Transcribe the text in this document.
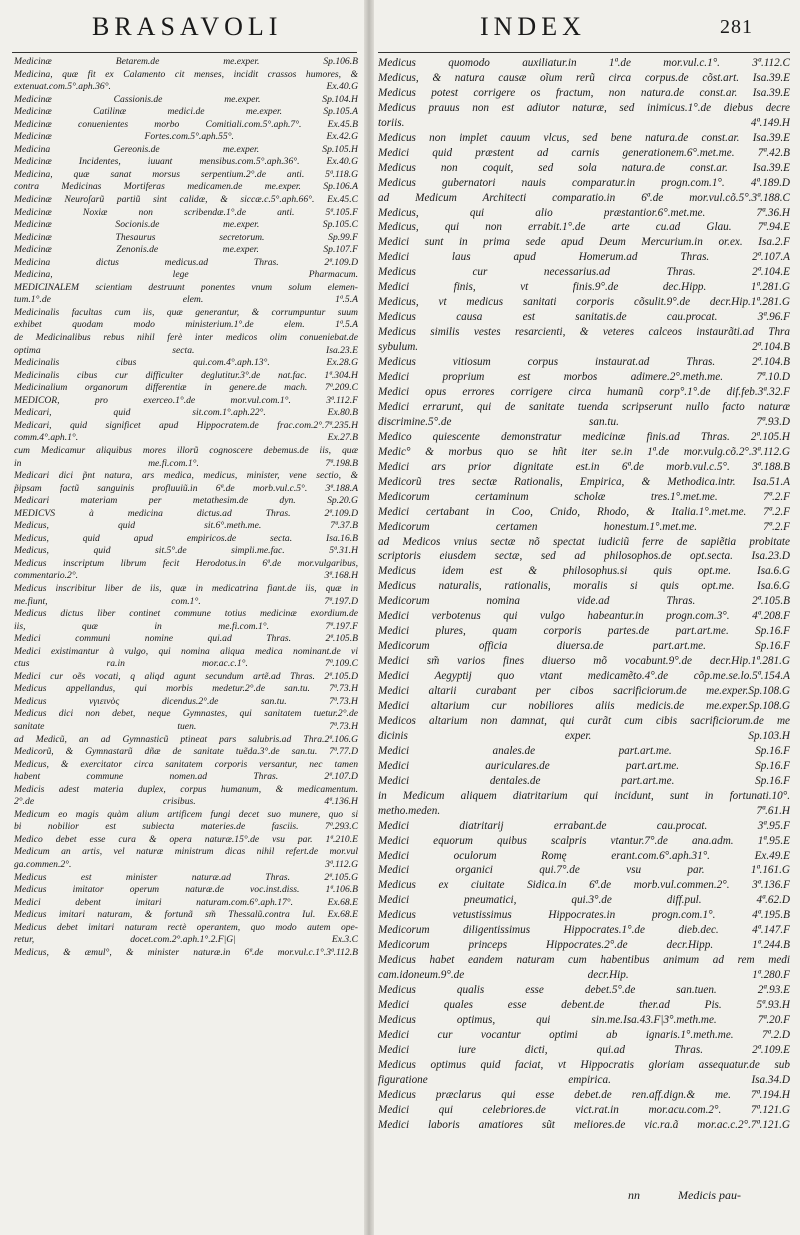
BRASAVOLI	INDEX	281
Medicinæ Betarem.de me.exper. Sp.106.B
Medicina, quæ fit ex Calamento cit menses, incidit crassos humores, &
extenuat.com.5°.aph.36°. Ex.40.G
Medicinæ Cassionis.de me.exper. Sp.104.H
Medicinæ Catilinæ medici.de me.exper. Sp.105.A
Medicinæ conuenientes morbo Comitiali.com.5°.aph.7°. Ex.45.B
Medicinæ Fortes.com.5°.aph.55°. Ex.42.G
Medicina Gereonis.de me.exper. Sp.105.H
Medicinæ Incidentes, iuuant mensibus.com.5°.aph.36°. Ex.40.G
Medicina, quæ sanat morsus serpentium.2°.de anti. 5ª.118.G
contra Medicinas Mortiferas medicamen.de me.exper. Sp.106.A
Medicinæ Neuroſarũ partiũ sint calidæ, & siccæ.c.5°.aph.66°. Ex.45.C
Medicinæ Noxiæ non scribendæ.1°.de anti. 5ª.105.F
Medicinæ Socionis.de me.exper. Sp.105.C
Medicinæ Thesaurus secretorum. Sp.99.F
Medicinæ Zenonis.de me.exper. Sp.107.F
Medicina dictus medicus.ad Thras. 2ª.109.D
Medicina, lege Pharmacum.
MEDICINALEM scientiam destruunt ponentes vnum solum elemen-
tum.1°.de elem. 1ª.5.A
Medicinalis facultas cum iis, quæ generantur, & corrumpuntur suum
exhibet quodam modo ministerium.1°.de elem. 1ª.5.A
de Medicinalibus rebus nihil ferè inter medicos olim conueniebat.de
optima secta. Isa.23.E
Medicinalis cibus qui.com.4°.aph.13°. Ex.28.G
Medicinalis cibus cur difficulter deglutitur.3°.de nat.fac. 1ª.304.H
Medicinalium organorum differentiæ in genere.de mach. 7ª.209.C
MEDICOR, pro exerceo.1°.de mor.vul.com.1°. 3ª.112.F
Medicari, quid sit.com.1°.aph.22°. Ex.80.B
Medicari, quid significet apud Hippocratem.de frac.com.2°.7ª.235.H
comm.4°.aph.1°. Ex.27.B
cum Medicamur aliquibus mores illorũ cognoscere debemus.de iis, quæ
in me.fi.com.1°. 7ª.198.B
Medicari dici p̃nt natura, ars medica, medicus, minister, vene sectio, &
p̃ipsam factũ sanguinis profluuiũ.in 6ª.de morb.vul.c.5°. 3ª.188.A
Medicari materiam per metathesim.de dyn. Sp.20.G
MEDICVS à medicina dictus.ad Thras. 2ª.109.D
Medicus, quid sit.6°.meth.me. 7ª.37.B
Medicus, quid apud empiricos.de secta. Isa.16.B
Medicus, quid sit.5°.de simpli.me.fac. 5ª.31.H
Medicus inscriptum librum fecit Herodotus.in 6ª.de mor.vulgaribus,
commentario.2°. 3ª.168.H
Medicus inscribitur liber de iis, quæ in medicatrina fiant.de iis, quæ in
me.fiunt, com.1°. 7ª.197.D
Medicus dictus liber continet commune totius medicinæ exordium.de
iis, quæ in me.fi.com.1°. 7ª.197.F
Medici communi nomine qui.ad Thras. 2ª.105.B
Medici existimantur à vulgo, qui nomina aliqua medica nominant.de vi
ctus ra.in mor.ac.c.1°. 7ª.109.C
Medici cur oẽs vocati, q aliqd agunt secundum artẽ.ad Thras. 2ª.105.D
Medicus appellandus, qui morbis medetur.2°.de san.tu. 7ª.73.H
Medicus vγιεινὸς dicendus.2°.de san.tu. 7ª.73.H
Medicus dici non debet, neque Gymnastes, qui sanitatem tuetur.2°.de
sanitate tuen. 7ª.73.H
ad Medicũ, an ad Gymnasticũ ptineat pars salubris.ad Thra.2ª.106.G
Medicorũ, & Gymnastarũ dñæ de sanitate tuẽda.3°.de san.tu. 7ª.77.D
Medicus, & exercitator circa sanitatem corporis versantur, nec tamen
habent commune nomen.ad Thras. 2ª.107.D
Medicis adest materia duplex, corpus humanum, & medicamentum.
2°.de crisibus. 4ª.136.H
Medicum eo magis quàm alium artificem fungi decet suo munere, quo si
bi nobilior est subiecta materies.de fasciis. 7ª.293.C
Medico debet esse cura & opera naturæ.15°.de vsu par. 1ª.210.E
Medicum an artis, vel naturæ ministrum dicas nihil refert.de mor.vul
ga.commen.2°. 3ª.112.G
Medicus est minister naturæ.ad Thras. 2ª.105.G
Medicus imitator operum naturæ.de voc.inst.diss. 1ª.106.B
Medici debent imitari naturam.com.6°.aph.17°. Ex.68.E
Medicus imitari naturam, & fortunã sm̃ Thessalũ.contra Iul. Ex.68.E
Medicus debet imitari naturam rectè operantem, quo modo autem ope-
retur, docet.com.2°.aph.1°.2.F|G| Ex.3.C
Medicus, & æmul°, & minister naturæ.in 6ª.de mor.vul.c.1°.3ª.112.B
Medicus quomodo auxiliatur.in 1ª.de mor.vul.c.1°. 3ª.112.C
Medicus, & natura causæ oĩum rerũ circa corpus.de cõst.art. Isa.39.E
Medicus potest corrigere os fractum, non natura.de const.ar. Isa.39.E
Medicus prauus non est adiutor naturæ, sed inimicus.1°.de diebus decre
toriis. 4ª.149.H
Medicus non implet cauum vlcus, sed bene natura.de const.ar. Isa.39.E
Medici quid præstent ad carnis generationem.6°.met.me. 7ª.42.B
Medicus non coquit, sed sola natura.de const.ar. Isa.39.E
Medicus gubernatori nauis comparatur.in progn.com.1°. 4ª.189.D
ad Medicum Architecti comparatio.in 6ª.de mor.vul.cõ.5°.3ª.188.C
Medicus, qui alio præstantior.6°.met.me. 7ª.36.H
Medicus, qui non errabit.1°.de arte cu.ad Glau. 7ª.94.E
Medici sunt in prima sede apud Deum Mercurium.in or.ex. Isa.2.F
Medici laus apud Homerum.ad Thras. 2ª.107.A
Medicus cur necessarius.ad Thras. 2ª.104.E
Medici finis, vt finis.9°.de dec.Hipp. 1ª.281.G
Medicus, vt medicus sanitati corporis cõsulit.9°.de decr.Hip.1ª.281.G
Medicus causa est sanitatis.de cau.procat. 3ª.96.F
Medicus similis vestes resarcienti, & veteres calceos instaurãti.ad Thra
sybulum. 2ª.104.B
Medicus vitiosum corpus instaurat.ad Thras. 2ª.104.B
Medici proprium est morbos adimere.2°.meth.me. 7ª.10.D
Medici opus errores corrigere circa humanũ corp°.1°.de dif.feb.3ª.32.F
Medici errarunt, qui de sanitate tuenda scripserunt nullo facto naturæ
discrimine.5°.de san.tu. 7ª.93.D
Medico quiescente demonstratur medicinæ finis.ad Thras. 2ª.105.H
Medic° & morbus quo se hñt iter se.in 1ª.de mor.vulg.cõ.2°.3ª.112.G
Medici ars prior dignitate est.in 6ª.de morb.vul.c.5°. 3ª.188.B
Medicorũ tres sectæ Rationalis, Empirica, & Methodica.intr. Isa.51.A
Medicorum certaminum scholæ tres.1°.met.me. 7ª.2.F
Medici certabant in Coo, Cnido, Rhodo, & Italia.1°.met.me. 7ª.2.F
Medicorum certamen honestum.1°.met.me. 7ª.2.F
ad Medicos vnius sectæ nõ spectat iudiciũ ferre de sapiẽtia probitate
scriptoris eiusdem sectæ, sed ad philosophos.de opt.secta. Isa.23.D
Medicus idem est & philosophus.si quis opt.me. Isa.6.G
Medicus naturalis, rationalis, moralis si quis opt.me. Isa.6.G
Medicorum nomina vide.ad Thras. 2ª.105.B
Medici verbotenus qui vulgo habeantur.in progn.com.3°. 4ª.208.F
Medici plures, quam corporis partes.de part.art.me. Sp.16.F
Medicorum officia diuersa.de part.art.me. Sp.16.F
Medici sm̃ varios fines diuerso mõ vocabunt.9°.de decr.Hip.1ª.281.G
Medici Aegyptij quo vtant medicamẽto.4°.de cõp.me.se.lo.5ª.154.A
Medici altarii curabant per cibos sacrificiorum.de me.exper.Sp.108.G
Medici altarium cur nobiliores aliis medicis.de me.exper.Sp.108.G
Medicos altarium non damnat, qui curãt cum cibis sacrificiorum.de me
dicinis exper. Sp.103.H
Medici anales.de part.art.me. Sp.16.F
Medici auriculares.de part.art.me. Sp.16.F
Medici dentales.de part.art.me. Sp.16.F
in Medicum aliquem diatritarium qui incidunt, sunt in fortunati.10°.
metho.meden. 7ª.61.H
Medici diatritarij errabant.de cau.procat. 3ª.95.F
Medici equorum quibus scalpris vtantur.7°.de ana.adm. 1ª.95.E
Medici oculorum Romę erant.com.6°.aph.31°. Ex.49.E
Medici organici qui.7°.de vsu par. 1ª.161.G
Medicus ex ciuitate Sidica.in 6ª.de morb.vul.commen.2°. 3ª.136.F
Medici pneumatici, qui.3°.de diff.pul. 4ª.62.D
Medicus vetustissimus Hippocrates.in progn.com.1°. 4ª.195.B
Medicorum diligentissimus Hippocrates.1°.de dieb.dec. 4ª.147.F
Medicorum princeps Hippocrates.2°.de decr.Hipp. 1ª.244.B
Medicus habet eandem naturam cum habentibus animum ad rem medi
cam.idoneum.9°.de decr.Hip. 1ª.280.F
Medicus qualis esse debet.5°.de san.tuen. 2ª.93.E
Medici quales esse debent.de ther.ad Pis. 5ª.93.H
Medicus optimus, qui sin.me.Isa.43.F|3°.meth.me. 7ª.20.F
Medici cur vocantur optimi ab ignaris.1°.meth.me. 7ª.2.D
Medici iure dicti, qui.ad Thras. 2ª.109.E
Medicus optimus quid faciat, vt Hippocratis gloriam assequatur.de sub
figuratione empirica. Isa.34.D
Medicus præclarus qui esse debet.de ren.aff.dign.& me. 7ª.194.H
Medici qui celebriores.de vict.rat.in mor.acu.com.2°. 7ª.121.G
Medici laboris amatiores sũt meliores.de vic.ra.ã mor.ac.c.2°.7ª.121.G
nn	Medicis pau-
